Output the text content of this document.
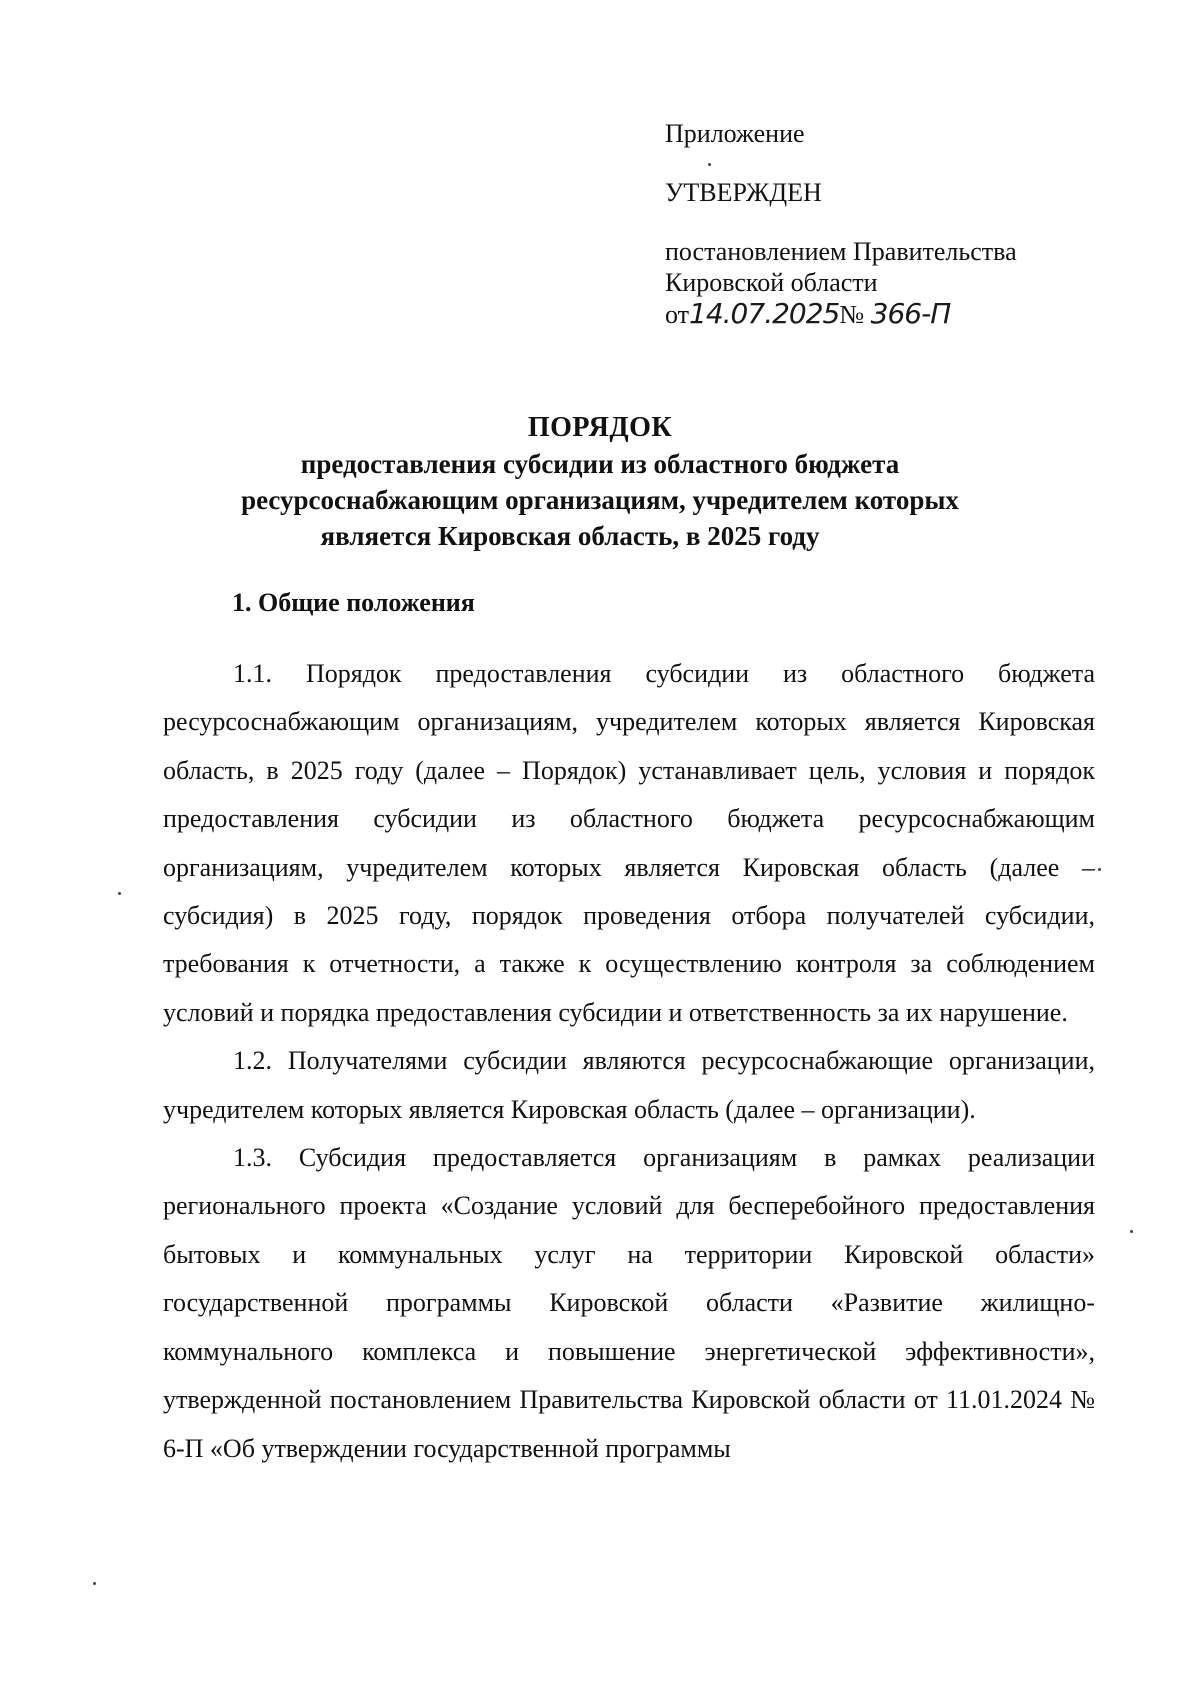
Приложение

УТВЕРЖДЕН

постановлением Правительства
Кировской области
от14.07.2025№ 366-П

ПОРЯДОК

предоставления субсидии из областного бюджета
ресурсоснабжающим организациям, учредителем которых
является Кировская область, в 2025 году

1. Общие положения

1.1. Порядок предоставления субсидии из областного бюджета ресурсоснабжающим организациям, учредителем которых является Кировская область, в 2025 году (далее – Порядок) устанавливает цель, условия и порядок предоставления субсидии из областного бюджета ресурсоснабжающим организациям, учредителем которых является Кировская область (далее – субсидия) в 2025 году, порядок проведения отбора получателей субсидии, требования к отчетности, а также к осуществлению контроля за соблюдением условий и порядка предоставления субсидии и ответственность за их нарушение.

1.2. Получателями субсидии являются ресурсоснабжающие организации, учредителем которых является Кировская область (далее – организации).

1.3. Субсидия предоставляется организациям в рамках реализации регионального проекта «Создание условий для бесперебойного предоставления бытовых и коммунальных услуг на территории Кировской области» государственной программы Кировской области «Развитие жилищно-коммунального комплекса и повышение энергетической эффективности», утвержденной постановлением Правительства Кировской области от 11.01.2024 № 6-П «Об утверждении государственной программы
